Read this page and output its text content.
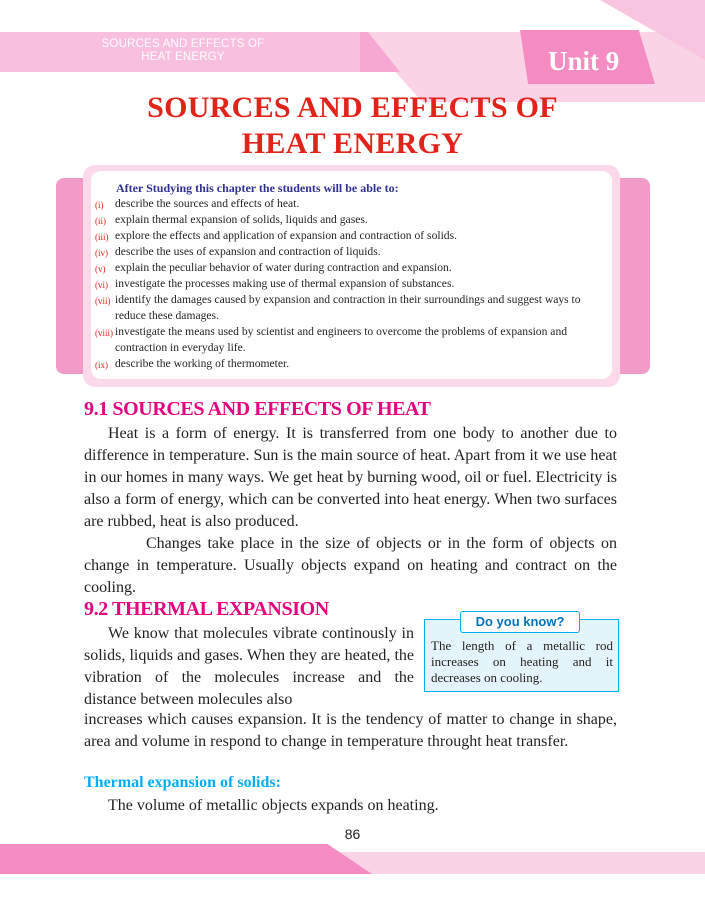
SOURCES AND EFFECTS OF
HEAT ENERGY	Unit 9
SOURCES AND EFFECTS OF
HEAT ENERGY
After Studying this chapter the students will be able to:
(i) describe the sources and effects of heat.
(ii) explain thermal expansion of solids, liquids and gases.
(iii) explore the effects and application of expansion and contraction of solids.
(iv) describe the uses of expansion and contraction of liquids.
(v) explain the peculiar behavior of water during contraction and expansion.
(vi) investigate the processes making use of thermal expansion of substances.
(vii) identify the damages caused by expansion and contraction in their surroundings and suggest ways to reduce these damages.
(viii) investigate the means used by scientist and engineers to overcome the problems of expansion and contraction in everyday life.
(ix) describe the working of thermometer.
9.1 SOURCES AND EFFECTS OF HEAT
Heat is a form of energy. It is transferred from one body to another due to difference in temperature. Sun is the main source of heat. Apart from it we use heat in our homes in many ways. We get heat by burning wood, oil or fuel. Electricity is also a form of energy, which can be converted into heat energy. When two surfaces are rubbed, heat is also produced.
Changes take place in the size of objects or in the form of objects on change in temperature. Usually objects expand on heating and contract on the cooling.
9.2 THERMAL EXPANSION
We know that molecules vibrate continously in solids, liquids and gases. When they are heated, the vibration of the molecules increase and the distance between molecules also
increases which causes expansion. It is the tendency of matter to change in shape, area and volume in respond to change in temperature throught heat transfer.
Do you know?
The length of a metallic rod increases on heating and it decreases on cooling.
Thermal expansion of solids:
The volume of metallic objects expands on heating.
86
